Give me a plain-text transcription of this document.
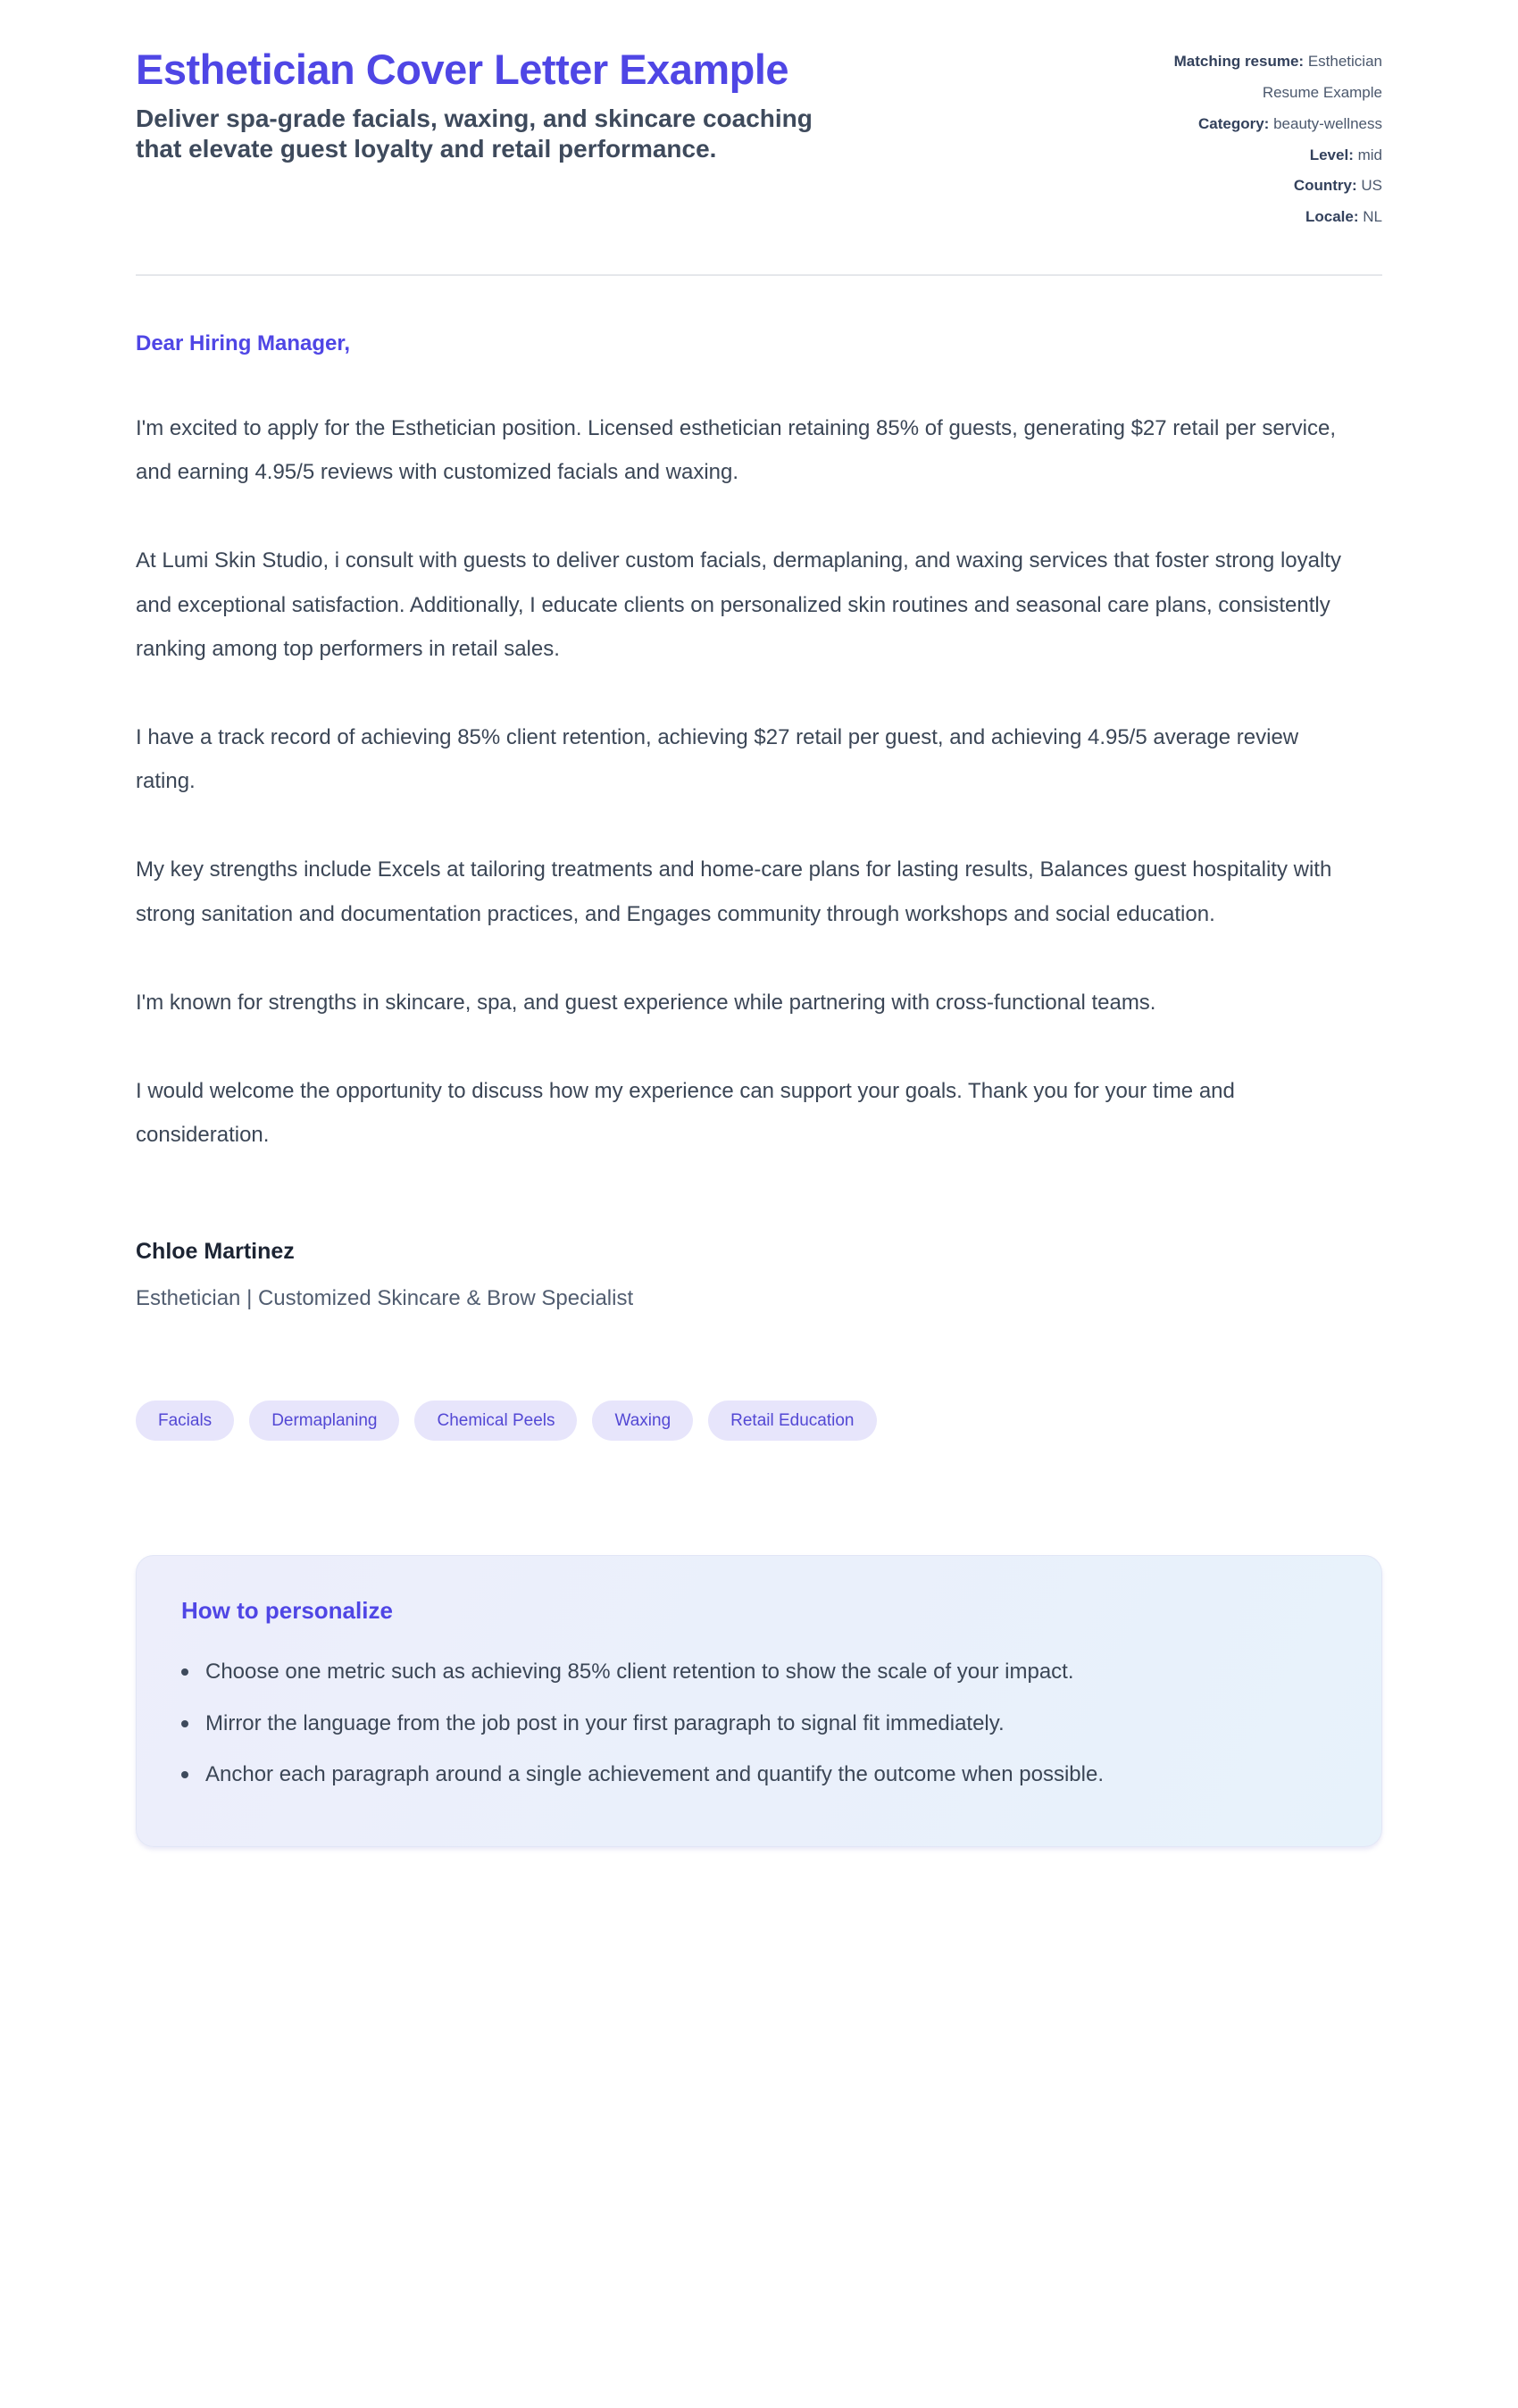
Esthetician Cover Letter Example

Deliver spa-grade facials, waxing, and skincare coaching that elevate guest loyalty and retail performance.

Matching resume: Esthetician Resume Example
Category: beauty-wellness
Level: mid
Country: US
Locale: NL

Dear Hiring Manager,

I'm excited to apply for the Esthetician position. Licensed esthetician retaining 85% of guests, generating $27 retail per service, and earning 4.95/5 reviews with customized facials and waxing.

At Lumi Skin Studio, i consult with guests to deliver custom facials, dermaplaning, and waxing services that foster strong loyalty and exceptional satisfaction. Additionally, I educate clients on personalized skin routines and seasonal care plans, consistently ranking among top performers in retail sales.

I have a track record of achieving 85% client retention, achieving $27 retail per guest, and achieving 4.95/5 average review rating.

My key strengths include Excels at tailoring treatments and home-care plans for lasting results, Balances guest hospitality with strong sanitation and documentation practices, and Engages community through workshops and social education.

I'm known for strengths in skincare, spa, and guest experience while partnering with cross-functional teams.

I would welcome the opportunity to discuss how my experience can support your goals. Thank you for your time and consideration.

Chloe Martinez

Esthetician | Customized Skincare & Brow Specialist

Facials	Dermaplaning	Chemical Peels	Waxing	Retail Education
How to personalize
Choose one metric such as achieving 85% client retention to show the scale of your impact.
Mirror the language from the job post in your first paragraph to signal fit immediately.
Anchor each paragraph around a single achievement and quantify the outcome when possible.
